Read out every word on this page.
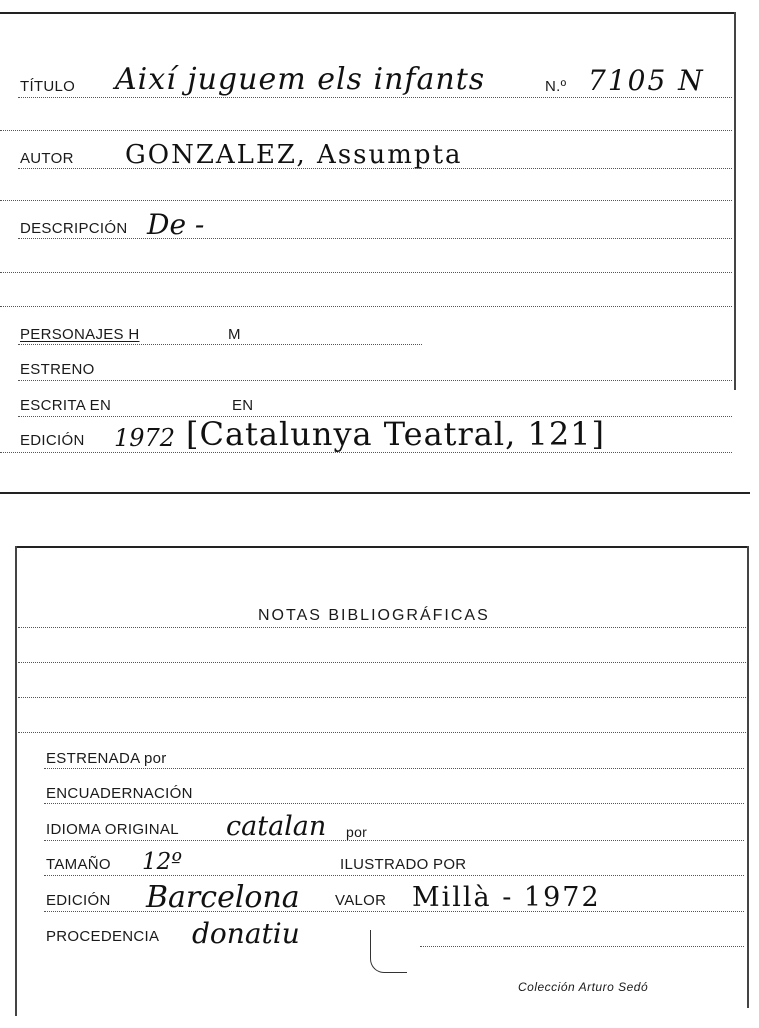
TÍTULO Així juguem els infants	N.º 7105 N
AUTOR GONZALEZ, Assumpta
DESCRIPCIÓN De -
PERSONAJES H	M
ESTRENO
ESCRITA EN	EN
EDICIÓN 1972 [Catalunya Teatral, 121]
NOTAS BIBLIOGRÁFICAS
ESTRENADA por
ENCUADERNACIÓN
IDIOMA ORIGINAL catalan por
TAMAÑO 12º	ILUSTRADO POR
EDICIÓN Barcelona VALOR Millà - 1972
PROCEDENCIA donatiu
Colección Arturo Sedó
